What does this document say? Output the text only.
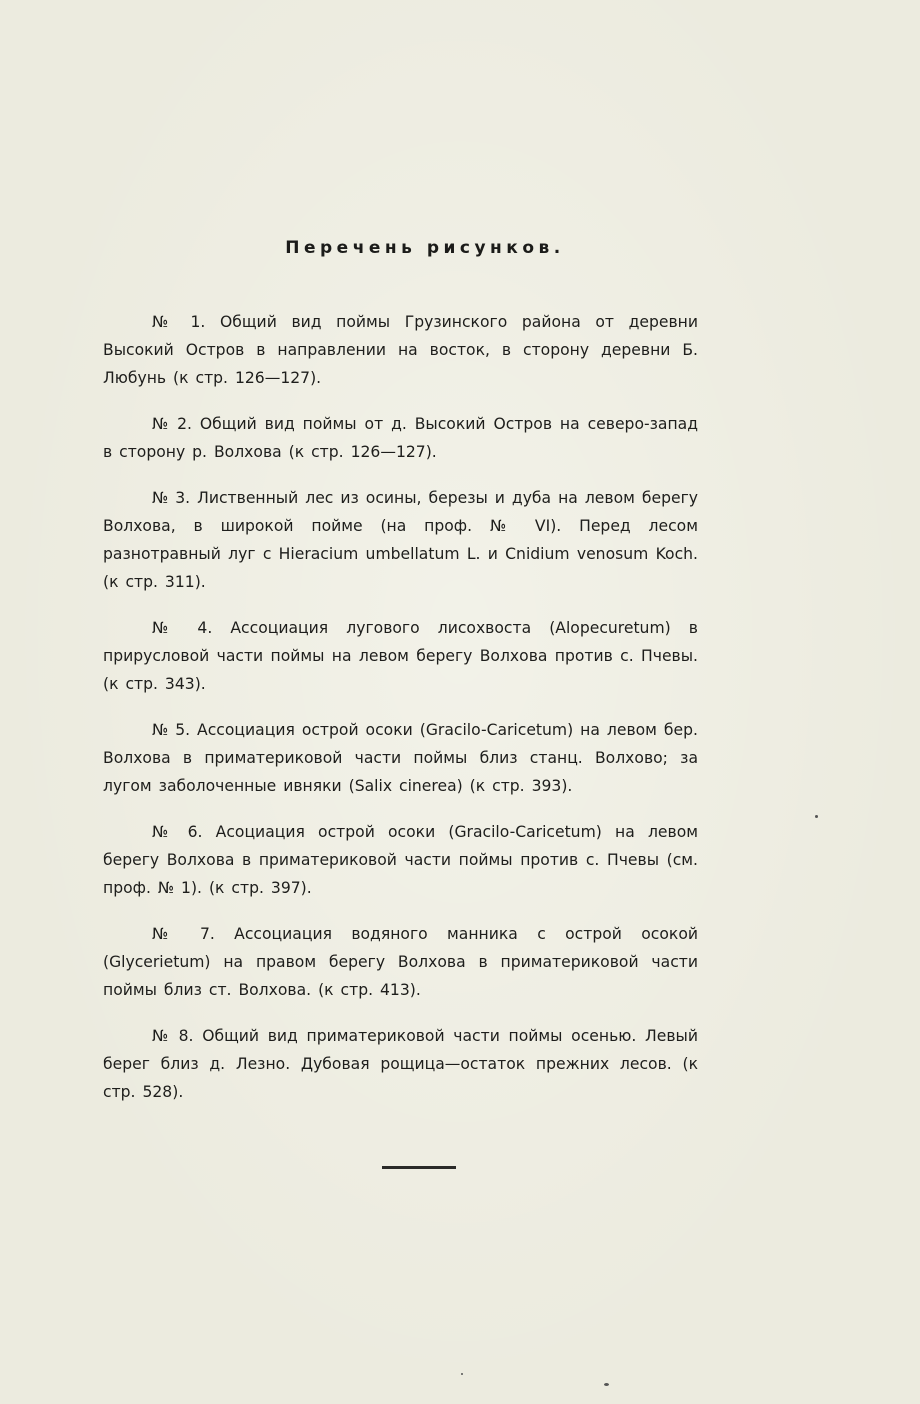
Перечень рисунков.

№ 1. Общий вид поймы Грузинского района от деревни Высокий Остров в направлении на восток, в сторону деревни Б. Любунь (к стр. 126—127).

№ 2. Общий вид поймы от д. Высокий Остров на северо-запад в сторону р. Волхова (к стр. 126—127).

№ 3. Лиственный лес из осины, березы и дуба на левом берегу Волхова, в широкой пойме (на проф. № VI). Перед лесом разнотравный луг с Hieracium umbellatum L. и Cnidium venosum Koch. (к стр. 311).

№ 4. Ассоциация лугового лисохвоста (Alopecuretum) в прирусловой части поймы на левом берегу Волхова против с. Пчевы. (к стр. 343).

№ 5. Ассоциация острой осоки (Gracilo-Caricetum) на левом бер. Волхова в приматериковой части поймы близ станц. Волхово; за лугом заболоченные ивняки (Salix cinerea) (к стр. 393).

№ 6. Асоциация острой осоки (Gracilo-Caricetum) на левом берегу Волхова в приматериковой части поймы против с. Пчевы (см. проф. № 1). (к стр. 397).

№ 7. Ассоциация водяного манника с острой осокой (Glycerietum) на правом берегу Волхова в приматериковой части поймы близ ст. Волхова. (к стр. 413).

№ 8. Общий вид приматериковой части поймы осенью. Левый берег близ д. Лезно. Дубовая рощица—остаток прежних лесов. (к стр. 528).
